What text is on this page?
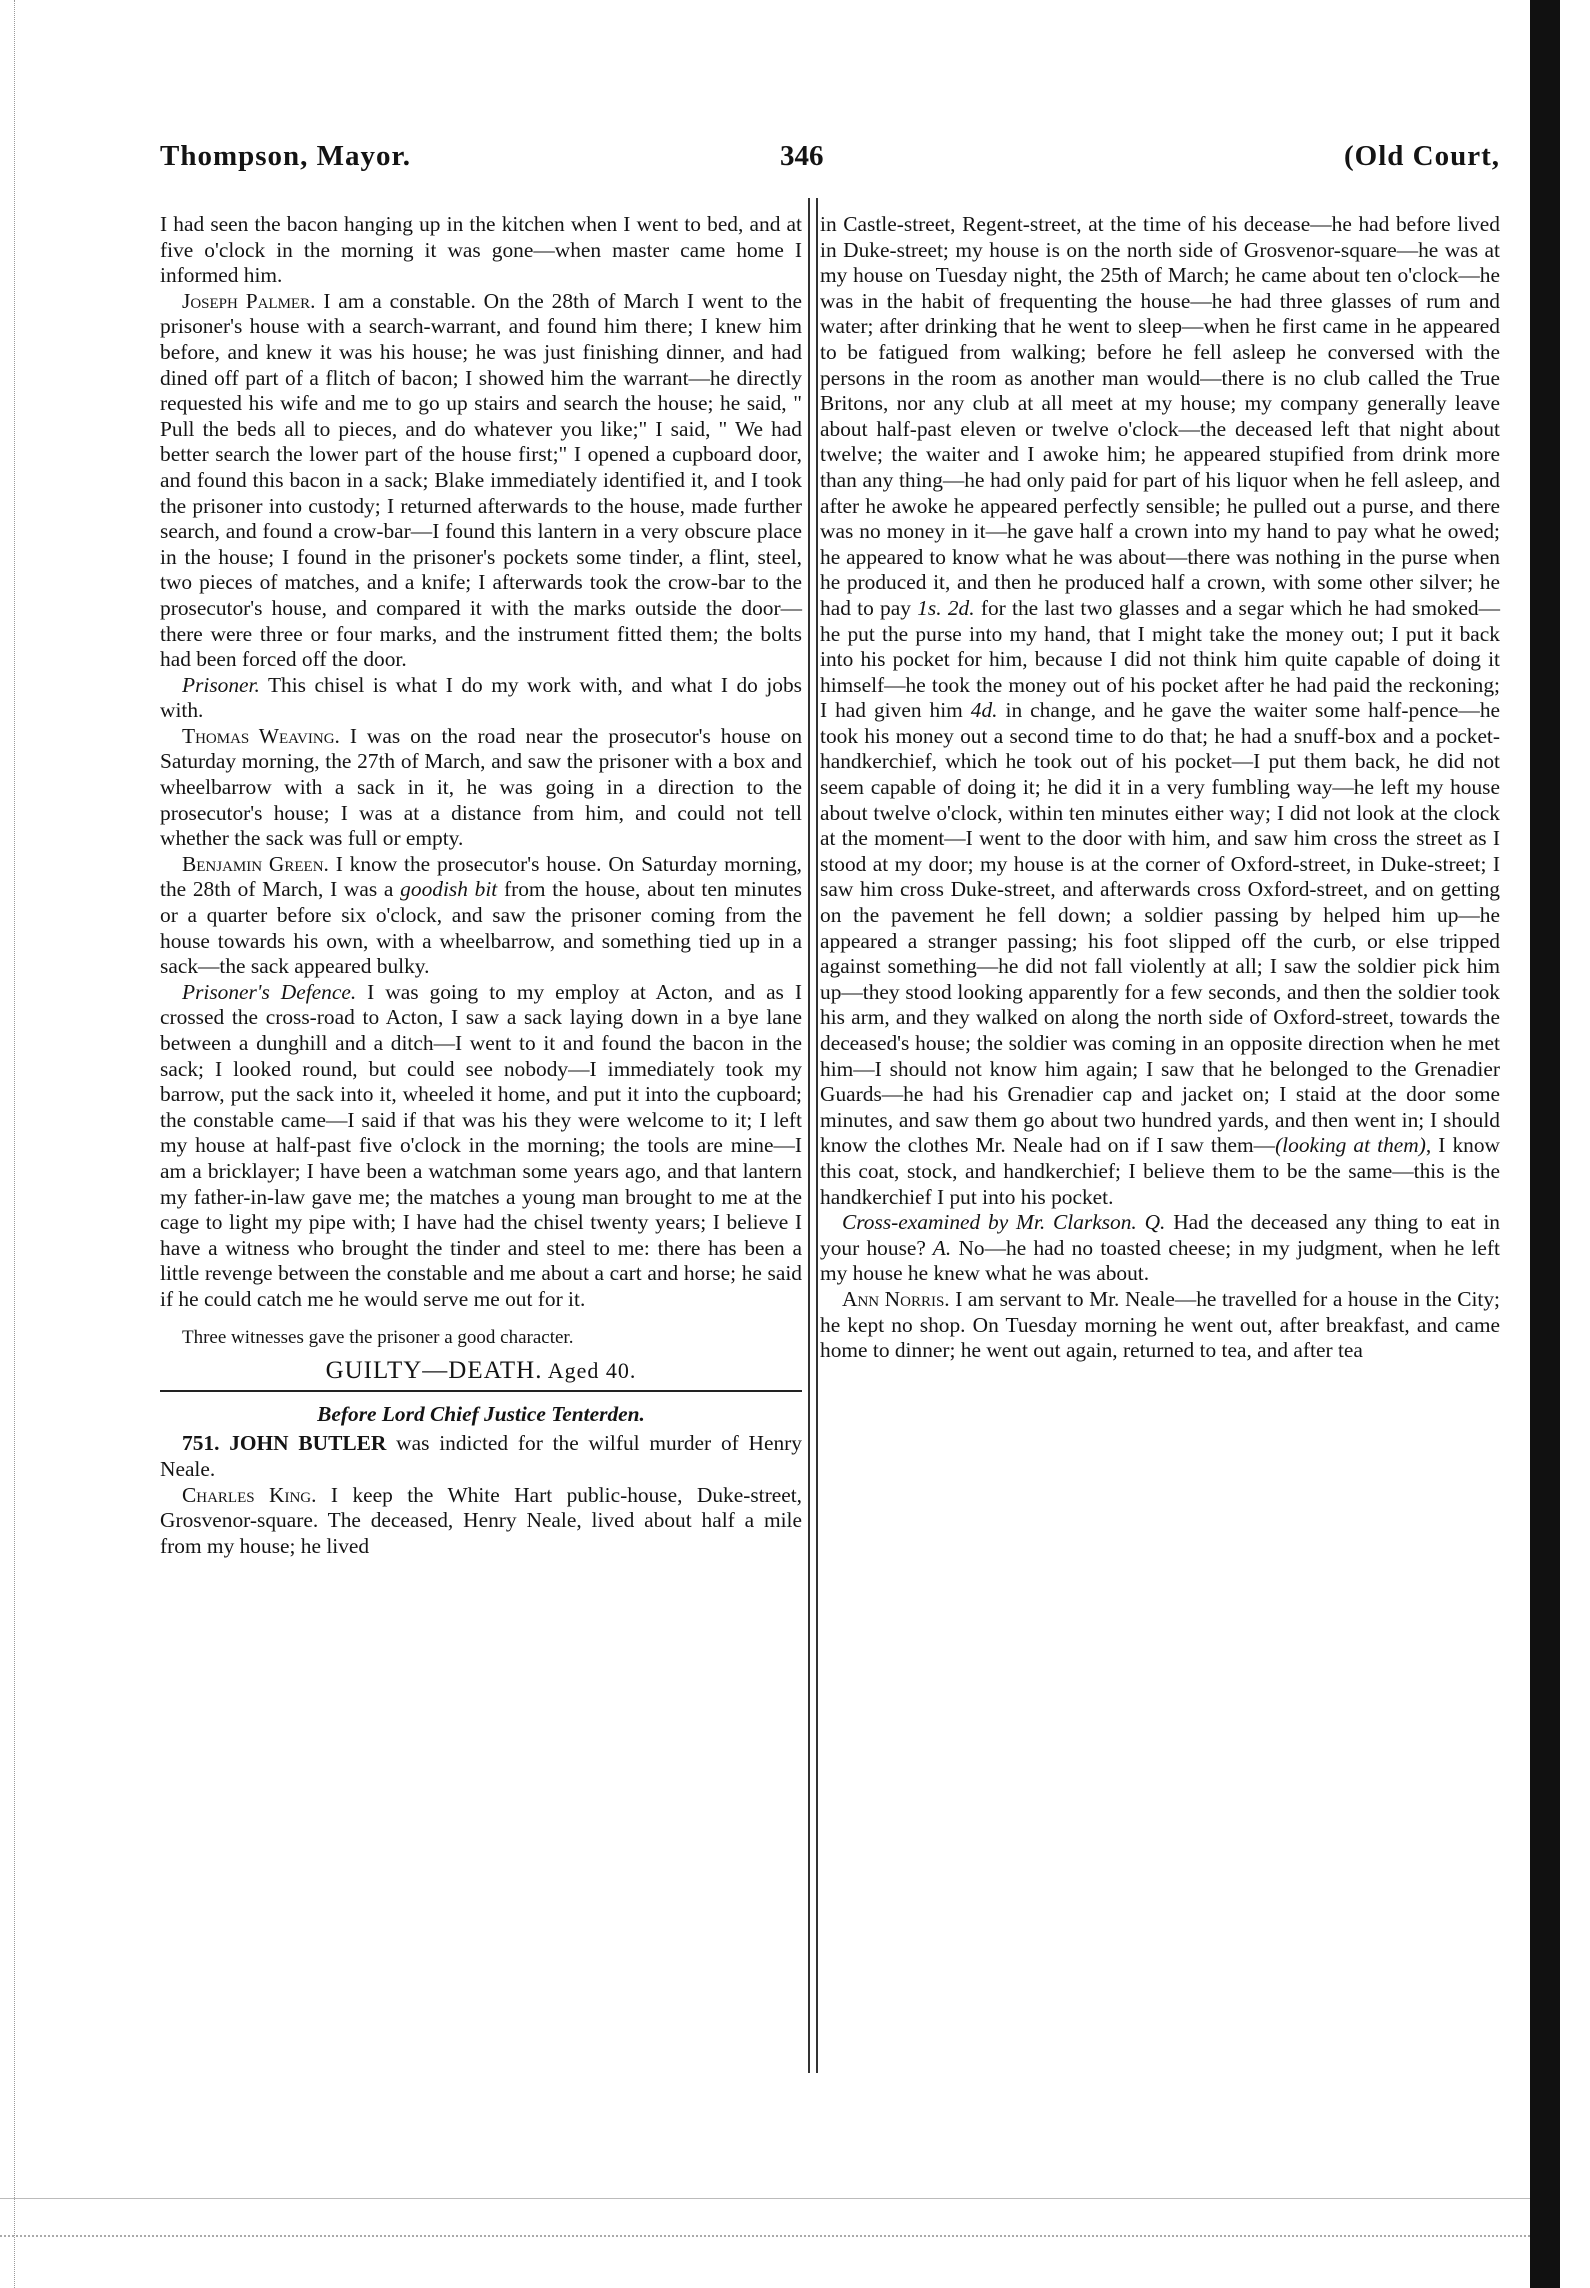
Thompson, Mayor.	346	(Old Court,

I had seen the bacon hanging up in the kitchen when I went to bed, and at five o'clock in the morning it was gone—when master came home I informed him.

Joseph Palmer. I am a constable. On the 28th of March I went to the prisoner's house with a search-warrant, and found him there; I knew him before, and knew it was his house; he was just finishing dinner, and had dined off part of a flitch of bacon; I showed him the warrant—he directly requested his wife and me to go up stairs and search the house; he said, " Pull the beds all to pieces, and do whatever you like;" I said, " We had better search the lower part of the house first;" I opened a cupboard door, and found this bacon in a sack; Blake immediately identified it, and I took the prisoner into custody; I returned afterwards to the house, made further search, and found a crow-bar—I found this lantern in a very obscure place in the house; I found in the prisoner's pockets some tinder, a flint, steel, two pieces of matches, and a knife; I afterwards took the crow-bar to the prosecutor's house, and compared it with the marks outside the door—there were three or four marks, and the instrument fitted them; the bolts had been forced off the door.

Prisoner. This chisel is what I do my work with, and what I do jobs with.

Thomas Weaving. I was on the road near the prosecutor's house on Saturday morning, the 27th of March, and saw the prisoner with a box and wheelbarrow with a sack in it, he was going in a direction to the prosecutor's house; I was at a distance from him, and could not tell whether the sack was full or empty.

Benjamin Green. I know the prosecutor's house. On Saturday morning, the 28th of March, I was a goodish bit from the house, about ten minutes or a quarter before six o'clock, and saw the prisoner coming from the house towards his own, with a wheelbarrow, and something tied up in a sack—the sack appeared bulky.

Prisoner's Defence. I was going to my employ at Acton, and as I crossed the cross-road to Acton, I saw a sack laying down in a bye lane between a dunghill and a ditch—I went to it and found the bacon in the sack; I looked round, but could see nobody—I immediately took my barrow, put the sack into it, wheeled it home, and put it into the cupboard; the constable came—I said if that was his they were welcome to it; I left my house at half-past five o'clock in the morning; the tools are mine—I am a bricklayer; I have been a watchman some years ago, and that lantern my father-in-law gave me; the matches a young man brought to me at the cage to light my pipe with; I have had the chisel twenty years; I believe I have a witness who brought the tinder and steel to me: there has been a little revenge between the constable and me about a cart and horse; he said if he could catch me he would serve me out for it.

Three witnesses gave the prisoner a good character.

GUILTY—DEATH. Aged 40.
Before Lord Chief Justice Tenterden.

751. JOHN BUTLER was indicted for the wilful murder of Henry Neale.

Charles King. I keep the White Hart public-house, Duke-street, Grosvenor-square. The deceased, Henry Neale, lived about half a mile from my house; he lived

in Castle-street, Regent-street, at the time of his decease—he had before lived in Duke-street; my house is on the north side of Grosvenor-square—he was at my house on Tuesday night, the 25th of March; he came about ten o'clock—he was in the habit of frequenting the house—he had three glasses of rum and water; after drinking that he went to sleep—when he first came in he appeared to be fatigued from walking; before he fell asleep he conversed with the persons in the room as another man would—there is no club called the True Britons, nor any club at all meet at my house; my company generally leave about half-past eleven or twelve o'clock—the deceased left that night about twelve; the waiter and I awoke him; he appeared stupified from drink more than any thing—he had only paid for part of his liquor when he fell asleep, and after he awoke he appeared perfectly sensible; he pulled out a purse, and there was no money in it—he gave half a crown into my hand to pay what he owed; he appeared to know what he was about—there was nothing in the purse when he produced it, and then he produced half a crown, with some other silver; he had to pay 1s. 2d. for the last two glasses and a segar which he had smoked—he put the purse into my hand, that I might take the money out; I put it back into his pocket for him, because I did not think him quite capable of doing it himself—he took the money out of his pocket after he had paid the reckoning; I had given him 4d. in change, and he gave the waiter some half-pence—he took his money out a second time to do that; he had a snuff-box and a pocket-handkerchief, which he took out of his pocket—I put them back, he did not seem capable of doing it; he did it in a very fumbling way—he left my house about twelve o'clock, within ten minutes either way; I did not look at the clock at the moment—I went to the door with him, and saw him cross the street as I stood at my door; my house is at the corner of Oxford-street, in Duke-street; I saw him cross Duke-street, and afterwards cross Oxford-street, and on getting on the pavement he fell down; a soldier passing by helped him up—he appeared a stranger passing; his foot slipped off the curb, or else tripped against something—he did not fall violently at all; I saw the soldier pick him up—they stood looking apparently for a few seconds, and then the soldier took his arm, and they walked on along the north side of Oxford-street, towards the deceased's house; the soldier was coming in an opposite direction when he met him—I should not know him again; I saw that he belonged to the Grenadier Guards—he had his Grenadier cap and jacket on; I staid at the door some minutes, and saw them go about two hundred yards, and then went in; I should know the clothes Mr. Neale had on if I saw them—(looking at them), I know this coat, stock, and handkerchief; I believe them to be the same—this is the handkerchief I put into his pocket.

Cross-examined by Mr. Clarkson. Q. Had the deceased any thing to eat in your house? A. No—he had no toasted cheese; in my judgment, when he left my house he knew what he was about.

Ann Norris. I am servant to Mr. Neale—he travelled for a house in the City; he kept no shop. On Tuesday morning he went out, after breakfast, and came home to dinner; he went out again, returned to tea, and after tea
